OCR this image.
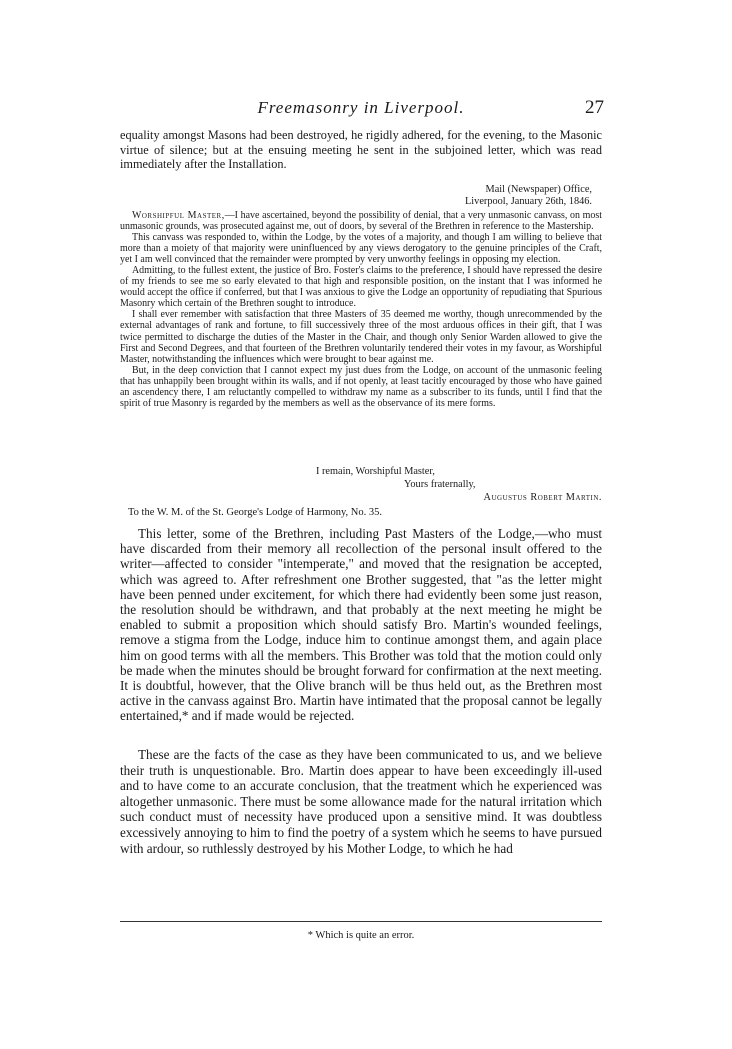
Freemasonry in Liverpool.	27

equality amongst Masons had been destroyed, he rigidly adhered, for the evening, to the Masonic virtue of silence; but at the ensuing meeting he sent in the subjoined letter, which was read immediately after the Installation.

Mail (Newspaper) Office,
Liverpool, January 26th, 1846.

Worshipful Master,—I have ascertained, beyond the possibility of denial, that a very unmasonic canvass, on most unmasonic grounds, was prosecuted against me, out of doors, by several of the Brethren in reference to the Mastership.

This canvass was responded to, within the Lodge, by the votes of a majority, and though I am willing to believe that more than a moiety of that majority were uninfluenced by any views derogatory to the genuine principles of the Craft, yet I am well convinced that the remainder were prompted by very unworthy feelings in opposing my election.

Admitting, to the fullest extent, the justice of Bro. Foster's claims to the preference, I should have repressed the desire of my friends to see me so early elevated to that high and responsible position, on the instant that I was informed he would accept the office if conferred, but that I was anxious to give the Lodge an opportunity of repudiating that Spurious Masonry which certain of the Brethren sought to introduce.

I shall ever remember with satisfaction that three Masters of 35 deemed me worthy, though unrecommended by the external advantages of rank and fortune, to fill successively three of the most arduous offices in their gift, that I was twice permitted to discharge the duties of the Master in the Chair, and though only Senior Warden allowed to give the First and Second Degrees, and that fourteen of the Brethren voluntarily tendered their votes in my favour, as Worshipful Master, notwithstanding the influences which were brought to bear against me.

But, in the deep conviction that I cannot expect my just dues from the Lodge, on account of the unmasonic feeling that has unhappily been brought within its walls, and if not openly, at least tacitly encouraged by those who have gained an ascendency there, I am reluctantly compelled to withdraw my name as a subscriber to its funds, until I find that the spirit of true Masonry is regarded by the members as well as the observance of its mere forms.

I remain, Worshipful Master,
Yours fraternally,
Augustus Robert Martin.
To the W. M. of the St. George's Lodge of Harmony, No. 35.

This letter, some of the Brethren, including Past Masters of the Lodge,—who must have discarded from their memory all recollection of the personal insult offered to the writer—affected to consider "intemperate," and moved that the resignation be accepted, which was agreed to. After refreshment one Brother suggested, that "as the letter might have been penned under excitement, for which there had evidently been some just reason, the resolution should be withdrawn, and that probably at the next meeting he might be enabled to submit a proposition which should satisfy Bro. Martin's wounded feelings, remove a stigma from the Lodge, induce him to continue amongst them, and again place him on good terms with all the members. This Brother was told that the motion could only be made when the minutes should be brought forward for confirmation at the next meeting. It is doubtful, however, that the Olive branch will be thus held out, as the Brethren most active in the canvass against Bro. Martin have intimated that the proposal cannot be legally entertained,* and if made would be rejected.

These are the facts of the case as they have been communicated to us, and we believe their truth is unquestionable. Bro. Martin does appear to have been exceedingly ill-used and to have come to an accurate conclusion, that the treatment which he experienced was altogether unmasonic. There must be some allowance made for the natural irritation which such conduct must of necessity have produced upon a sensitive mind. It was doubtless excessively annoying to him to find the poetry of a system which he seems to have pursued with ardour, so ruthlessly destroyed by his Mother Lodge, to which he had

* Which is quite an error.
